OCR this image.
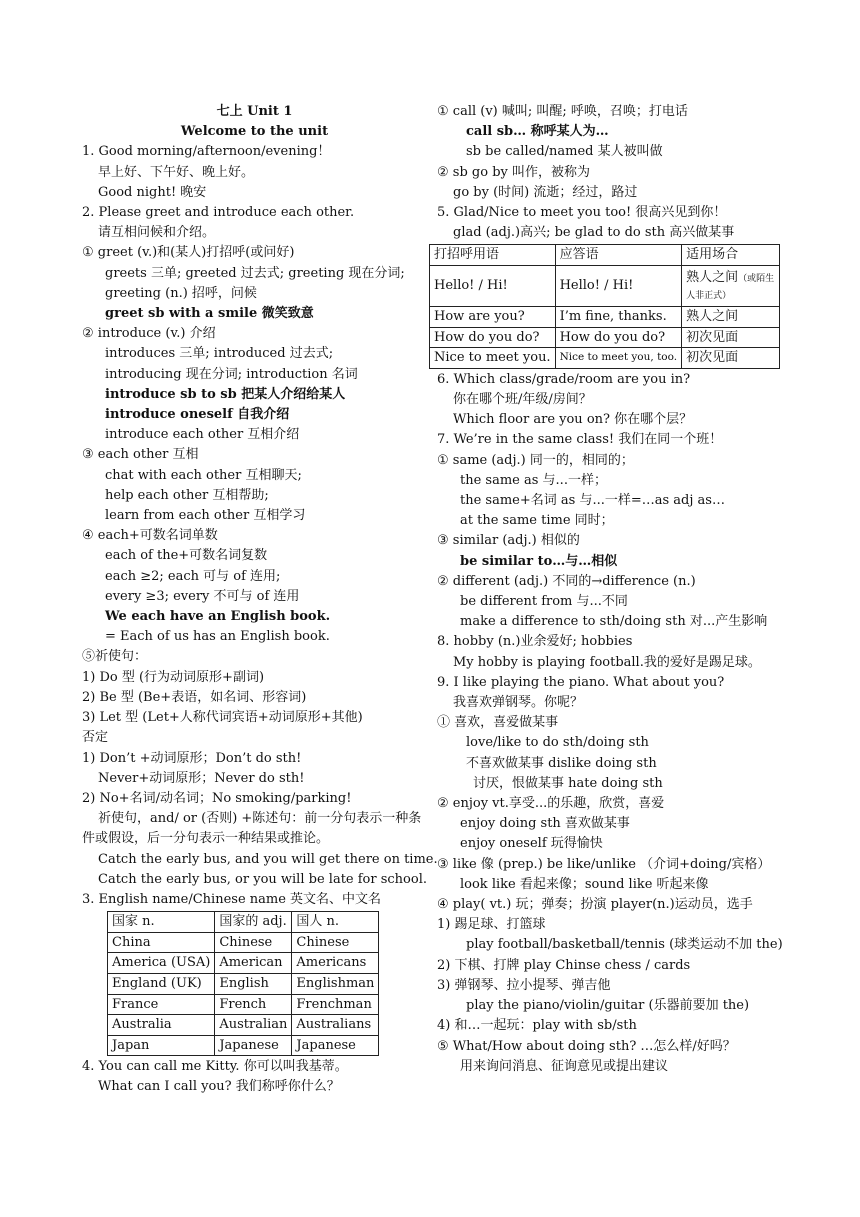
七上 Unit 1
Welcome to the unit
1. Good morning/afternoon/evening！
早上好、下午好、晚上好。
Good night! 晚安
2. Please greet and introduce each other.
请互相问候和介绍。
① greet (v.)和(某人)打招呼(或问好)
greets 三单; greeted 过去式; greeting 现在分词;
greeting (n.) 招呼，问候
greet sb with a smile 微笑致意
② introduce (v.) 介绍
introduces 三单; introduced 过去式;
introducing 现在分词; introduction 名词
introduce sb to sb 把某人介绍给某人
introduce oneself 自我介绍
introduce each other 互相介绍
③ each other 互相
chat with each other 互相聊天;
help each other 互相帮助;
learn from each other 互相学习
④ each+可数名词单数
each of the+可数名词复数
each ≥2; each 可与 of 连用;
every ≥3; every 不可与 of 连用
We each have an English book.
= Each of us has an English book.
⑤祈使句：
1) Do 型 (行为动词原形+副词)
2) Be 型 (Be+表语，如名词、形容词)
3) Let 型 (Let+人称代词宾语+动词原形+其他)
否定
1) Don’t +动词原形；Don’t do sth!
Never+动词原形；Never do sth!
2) No+名词/动名词；No smoking/parking!
祈使句，and/ or (否则) +陈述句：前一分句表示一种条件或假设，后一分句表示一种结果或推论。
Catch the early bus, and you will get there on time.
Catch the early bus, or you will be late for school.
3. English name/Chinese name 英文名、中文名
国家 n.	国家的 adj.	国人 n.
China	Chinese	Chinese
America (USA)	American	Americans
England (UK)	English	Englishman
France	French	Frenchman
Australia	Australian	Australians
Japan	Japanese	Japanese
4. You can call me Kitty. 你可以叫我基蒂。
What can I call you? 我们称呼你什么？
① call (v) 喊叫; 叫醒; 呼唤，召唤；打电话
call sb… 称呼某人为…
sb be called/named 某人被叫做
② sb go by 叫作，被称为
go by (时间) 流逝；经过，路过
5. Glad/Nice to meet you too! 很高兴见到你！
glad (adj.)高兴; be glad to do sth 高兴做某事
打招呼用语	应答语	适用场合
Hello! / Hi!	Hello! / Hi!	熟人之间（或陌生人非正式）
How are you?	I’m fine, thanks.	熟人之间
How do you do?	How do you do?	初次见面
Nice to meet you.	Nice to meet you, too.	初次见面
6. Which class/grade/room are you in?
你在哪个班/年级/房间？
Which floor are you on? 你在哪个层？
7. We’re in the same class! 我们在同一个班！
① same (adj.) 同一的，相同的；
the same as 与...一样；
the same+名词 as 与...一样=…as adj as…
at the same time 同时；
③ similar (adj.) 相似的
be similar to…与…相似
② different (adj.) 不同的→difference (n.)
be different from 与...不同
make a difference to sth/doing sth 对...产生影响
8. hobby (n.)业余爱好; hobbies
My hobby is playing football.我的爱好是踢足球。
9. I like playing the piano. What about you?
我喜欢弹钢琴。你呢？
① 喜欢，喜爱做某事
love/like to do sth/doing sth
不喜欢做某事 dislike doing sth
讨厌，恨做某事 hate doing sth
② enjoy vt.享受...的乐趣，欣赏，喜爱
enjoy doing sth 喜欢做某事
enjoy oneself 玩得愉快
③ like 像 (prep.) be like/unlike （介词+doing/宾格）
look like 看起来像；sound like 听起来像
④ play( vt.) 玩；弹奏；扮演 player(n.)运动员，选手
1) 踢足球、打篮球
play football/basketball/tennis (球类运动不加 the)
2) 下棋、打牌 play Chinse chess / cards
3) 弹钢琴、拉小提琴、弹吉他
play the piano/violin/guitar (乐器前要加 the)
4) 和…一起玩：play with sb/sth
⑤ What/How about doing sth? …怎么样/好吗？
用来询问消息、征询意见或提出建议
